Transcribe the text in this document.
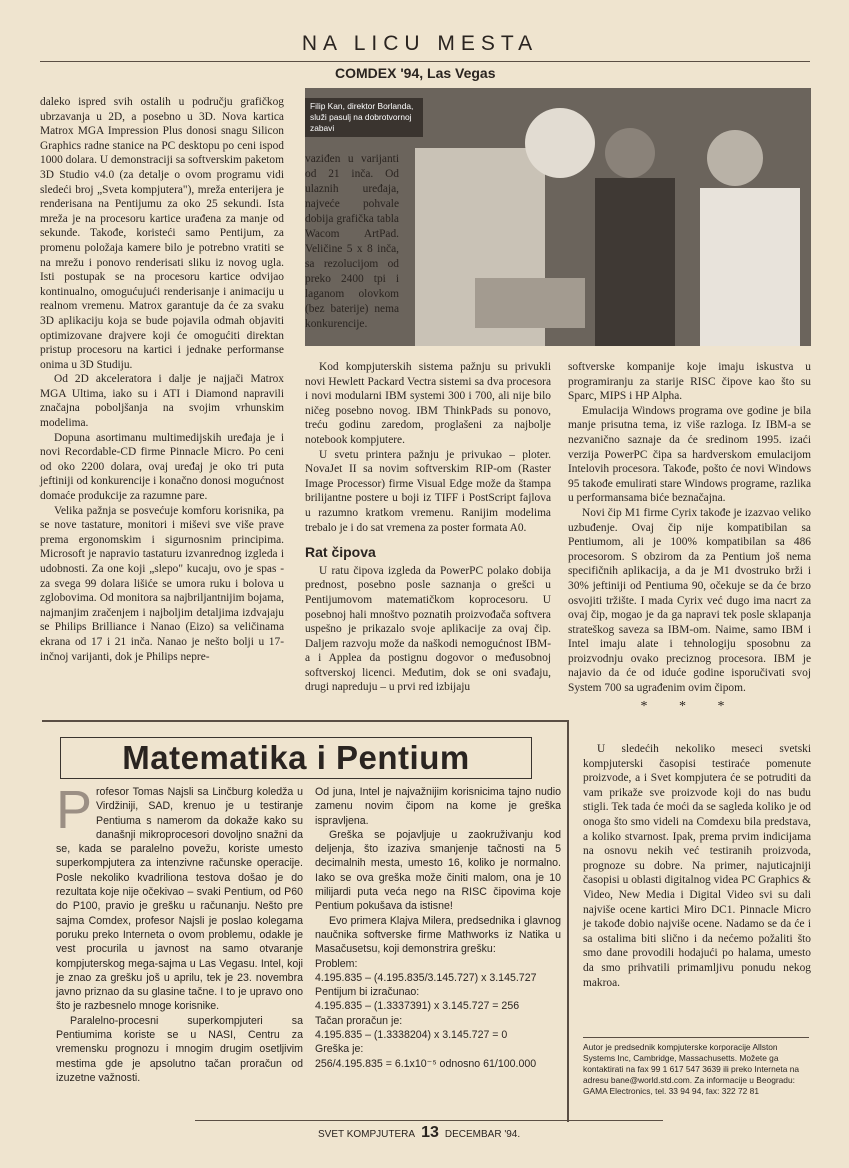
NA LICU MESTA
COMDEX '94, Las Vegas
Filip Kan, direktor Borlanda, služi pasulj na dobrotvornoj zabavi

daleko ispred svih ostalih u području grafičkog ubrzavanja u 2D, a posebno u 3D. Nova kartica Matrox MGA Impression Plus donosi snagu Silicon Graphics radne stanice na PC desktopu po ceni ispod 1000 dolara. U demonstraciji sa softverskim paketom 3D Studio v4.0 (za detalje o ovom programu vidi sledeći broj „Sveta kompjutera"), mreža enterijera je renderisana na Pentijumu za oko 25 sekundi. Ista mreža je na procesoru kartice urađena za manje od sekunde. Takođe, koristeći samo Pentijum, za promenu položaja kamere bilo je potrebno vratiti se na mrežu i ponovo renderisati sliku iz novog ugla. Isti postupak se na procesoru kartice odvijao kontinualno, omogućujući renderisanje i animaciju u realnom vremenu. Matrox garantuje da će za svaku 3D aplikaciju koja se bude pojavila odmah objaviti optimizovane drajvere koji će omogućiti direktan pristup procesoru na kartici i jednake performanse onima u 3D Studiju.

Od 2D akceleratora i dalje je najjači Matrox MGA Ultima, iako su i ATI i Diamond napravili značajna poboljšanja na svojim vrhunskim modelima.

Dopuna asortimanu multimedijskih uređaja je i novi Recordable-CD firme Pinnacle Micro. Po ceni od oko 2200 dolara, ovaj uređaj je oko tri puta jeftiniji od konkurencije i konačno donosi mogućnost domaće produkcije za razumne pare.

Velika pažnja se posvećuje komforu korisnika, pa se nove tastature, monitori i miševi sve više prave prema ergonomskim i sigurnosnim principima. Microsoft je napravio tastaturu izvanrednog izgleda i udobnosti. Za one koji „slepo" kucaju, ovo je spas - za svega 99 dolara lišiće se umora ruku i bolova u zglobovima. Od monitora sa najbriljantnijim bojama, najmanjim zračenjem i najboljim detaljima izdvajaju se Philips Brilliance i Nanao (Eizo) sa veličinama ekrana od 17 i 21 inča. Nanao je nešto bolji u 17-inčnoj varijanti, dok je Philips nepre-

vaziđen u varijanti od 21 inča. Od ulaznih uređaja, najveće pohvale dobija grafička tabla Wacom ArtPad. Veličine 5 x 8 inča, sa rezolucijom od preko 2400 tpi i laganom olovkom (bez baterije) nema konkurencije.

Kod kompjuterskih sistema pažnju su privukli novi Hewlett Packard Vectra sistemi sa dva procesora i novi modularni IBM systemi 300 i 700, ali nije bilo ničeg posebno novog. IBM ThinkPads su ponovo, treću godinu zaredom, proglašeni za najbolje notebook kompjutere.

U svetu printera pažnju je privukao – ploter. NovaJet II sa novim softverskim RIP-om (Raster Image Processor) firme Visual Edge može da štampa brilijantne postere u boji iz TIFF i PostScript fajlova u razumno kratkom vremenu. Ranijim modelima trebalo je i do sat vremena za poster formata A0.

Rat čipova

U ratu čipova izgleda da PowerPC polako dobija prednost, posebno posle saznanja o grešci u Pentijumovom matematičkom koprocesoru. U posebnoj hali mnoštvo poznatih proizvođača softvera uspešno je prikazalo svoje aplikacije za ovaj čip. Daljem razvoju može da naškodi nemogućnost IBM-a i Applea da postignu dogovor o međusobnoj softverskoj licenci. Međutim, dok se oni svađaju, drugi napreduju – u prvi red izbijaju

softverske kompanije koje imaju iskustva u programiranju za starije RISC čipove kao što su Sparc, MIPS i HP Alpha.

Emulacija Windows programa ove godine je bila manje prisutna tema, iz više razloga. Iz IBM-a se nezvanično saznaje da će sredinom 1995. izaći verzija PowerPC čipa sa hardverskom emulacijom Intelovih procesora. Takođe, pošto će novi Windows 95 takođe emulirati stare Windows programe, razlika u performansama biće beznačajna.

Novi čip M1 firme Cyrix takođe je izazvao veliko uzbuđenje. Ovaj čip nije kompatibilan sa Pentiumom, ali je 100% kompatibilan sa 486 procesorom. S obzirom da za Pentium još nema specifičnih aplikacija, a da je M1 dvostruko brži i 30% jeftiniji od Pentiuma 90, očekuje se da će brzo osvojiti tržište. I mada Cyrix već dugo ima nacrt za ovaj čip, mogao je da ga napravi tek posle sklapanja strateškog saveza sa IBM-om. Naime, samo IBM i Intel imaju alate i tehnologiju sposobnu za proizvodnju ovako preciznog procesora. IBM je najavio da će od iduće godine isporučivati svoj System 700 sa ugrađenim ovim čipom.

* * *

U sledećih nekoliko meseci svetski kompjuterski časopisi testiraće pomenute proizvode, a i Svet kompjutera će se potruditi da vam prikaže sve proizvode koji do nas budu stigli. Tek tada će moći da se sagleda koliko je od onoga što smo videli na Comdexu bila predstava, a koliko stvarnost. Ipak, prema prvim indicijama na osnovu nekih već testiranih proizvoda, prognoze su dobre. Na primer, najuticajniji časopisi u oblasti digitalnog videa PC Graphics & Video, New Media i Digital Video svi su dali najviše ocene kartici Miro DC1. Pinnacle Micro je takođe dobio najviše ocene. Nadamo se da će i sa ostalima biti slično i da nećemo požaliti što smo dane provodili hodajući po halama, umesto da smo prihvatili primamljivu ponudu nekog makroa.

Autor je predsednik kompjuterske korporacije Allston Systems Inc, Cambridge, Massachusetts. Možete ga kontaktirati na fax 99 1 617 547 3639 ili preko Interneta na adresu bane@world.std.com. Za informacije u Beogradu: GAMA Electronics, tel. 33 94 94, fax: 322 72 81
Matematika i Pentium

Profesor Tomas Najsli sa Linčburg koledža u Virdžiniji, SAD, krenuo je u testiranje Pentiuma s namerom da dokaže kako su današnji mikroprocesori dovoljno snažni da se, kada se paralelno povežu, koriste umesto superkompjutera za intenzivne računske operacije. Posle nekoliko kvadriliona testova došao je do rezultata koje nije očekivao – svaki Pentium, od P60 do P100, pravio je grešku u računanju. Nešto pre sajma Comdex, profesor Najsli je poslao kolegama poruku preko Interneta o ovom problemu, odakle je vest procurila u javnost na samo otvaranje kompjuterskog mega-sajma u Las Vegasu. Intel, koji je znao za grešku još u aprilu, tek je 23. novembra javno priznao da su glasine tačne. I to je upravo ono što je razbesnelo mnoge korisnike.

Paralelno-procesni superkompjuteri sa Pentiumima koriste se u NASI, Centru za vremensku prognozu i mnogim drugim osetljivim mestima gde je apsolutno tačan proračun od izuzetne važnosti.

Od juna, Intel je najvažnijim korisnicima tajno nudio zamenu novim čipom na kome je greška ispravljena.

Greška se pojavljuje u zaokruživanju kod deljenja, što izaziva smanjenje tačnosti na 5 decimalnih mesta, umesto 16, koliko je normalno. Iako se ova greška može činiti malom, ona je 10 milijardi puta veća nego na RISC čipovima koje Pentium pokušava da istisne!

Evo primera Klajva Milera, predsednika i glavnog naučnika softverske firme Mathworks iz Natika u Masačusetsu, koji demonstrira grešku:

Problem:
4.195.835 – (4.195.835/3.145.727) x 3.145.727
Pentijum bi izračunao:
4.195.835 – (1.3337391) x 3.145.727 = 256
Tačan proračun je:
4.195.835 – (1.3338204) x 3.145.727 = 0
Greška je:
256/4.195.835 = 6.1x10⁻⁵ odnosno 61/100.000
SVET KOMPJUTERA 13 DECEMBAR '94.
